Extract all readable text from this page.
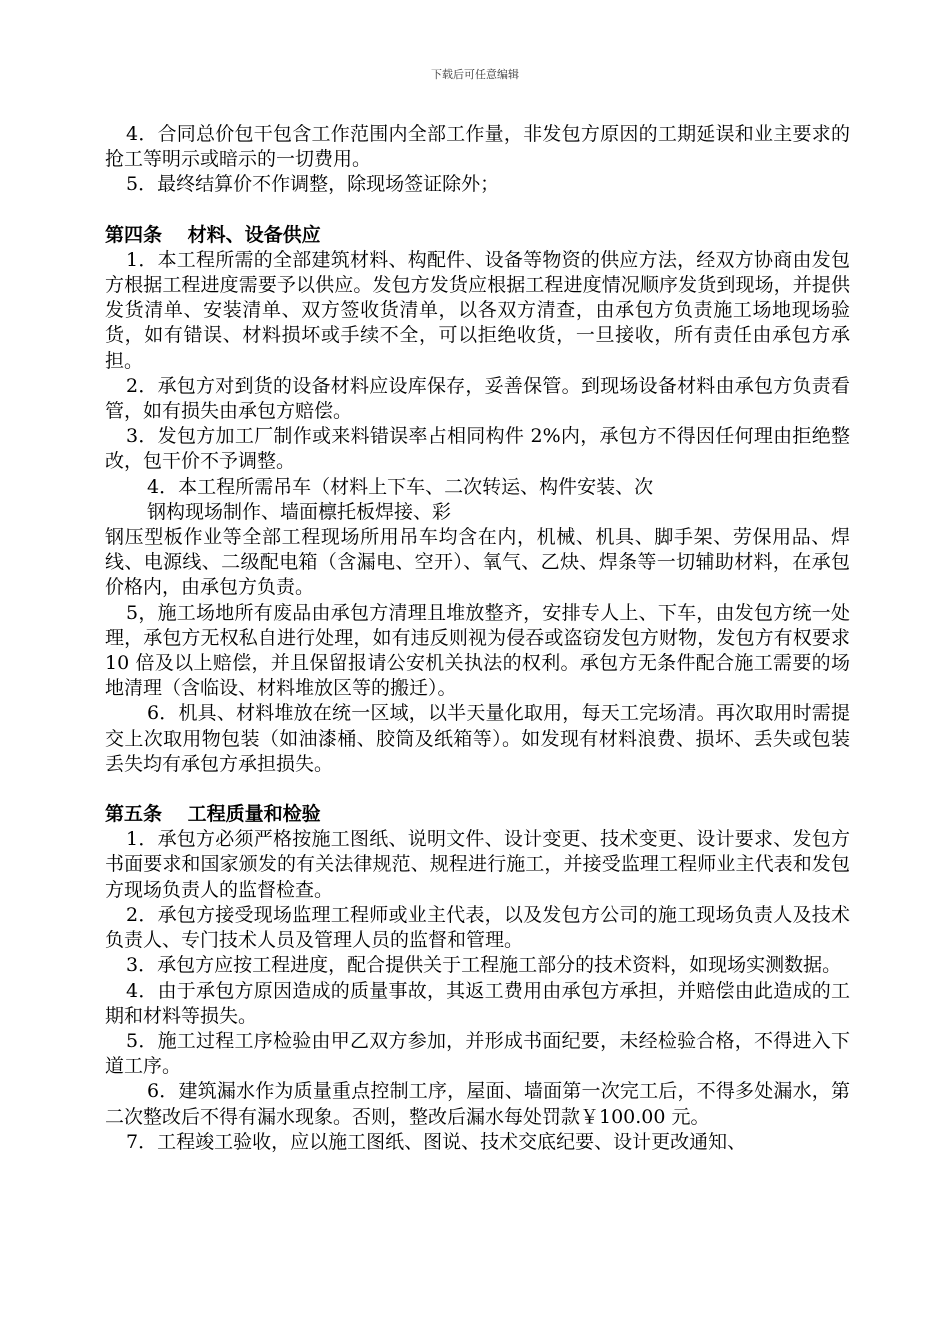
下载后可任意编辑

4．合同总价包干包含工作范围内全部工作量，非发包方原因的工期延误和业主要求的抢工等明示或暗示的一切费用。

5．最终结算价不作调整，除现场签证除外；

第四条　 材料、设备供应

1．本工程所需的全部建筑材料、构配件、设备等物资的供应方法，经双方协商由发包方根据工程进度需要予以供应。发包方发货应根据工程进度情况顺序发货到现场，并提供发货清单、安装清单、双方签收货清单，以各双方清查，由承包方负责施工场地现场验货，如有错误、材料损坏或手续不全，可以拒绝收货，一旦接收，所有责任由承包方承担。

2．承包方对到货的设备材料应设库保存，妥善保管。到现场设备材料由承包方负责看管，如有损失由承包方赔偿。

3．发包方加工厂制作或来料错误率占相同构件 2%内，承包方不得因任何理由拒绝整改，包干价不予调整。

4．本工程所需吊车（材料上下车、二次转运、构件安装、次

钢构现场制作、墙面檩托板焊接、彩

钢压型板作业等全部工程现场所用吊车均含在内，机械、机具、脚手架、劳保用品、焊线、电源线、二级配电箱（含漏电、空开）、氧气、乙炔、焊条等一切辅助材料，在承包价格内，由承包方负责。

5，施工场地所有废品由承包方清理且堆放整齐，安排专人上、下车，由发包方统一处理，承包方无权私自进行处理，如有违反则视为侵吞或盗窃发包方财物，发包方有权要求 10 倍及以上赔偿，并且保留报请公安机关执法的权利。承包方无条件配合施工需要的场地清理（含临设、材料堆放区等的搬迁）。

6．机具、材料堆放在统一区域，以半天量化取用，每天工完场清。再次取用时需提交上次取用物包装（如油漆桶、胶筒及纸箱等）。如发现有材料浪费、损坏、丢失或包装丢失均有承包方承担损失。

第五条　 工程质量和检验

1．承包方必须严格按施工图纸、说明文件、设计变更、技术变更、设计要求、发包方书面要求和国家颁发的有关法律规范、规程进行施工，并接受监理工程师业主代表和发包方现场负责人的监督检查。

2．承包方接受现场监理工程师或业主代表，以及发包方公司的施工现场负责人及技术负责人、专门技术人员及管理人员的监督和管理。

3．承包方应按工程进度，配合提供关于工程施工部分的技术资料，如现场实测数据。

4．由于承包方原因造成的质量事故，其返工费用由承包方承担，并赔偿由此造成的工期和材料等损失。

5．施工过程工序检验由甲乙双方参加，并形成书面纪要，未经检验合格，不得进入下道工序。

6．建筑漏水作为质量重点控制工序，屋面、墙面第一次完工后，不得多处漏水，第二次整改后不得有漏水现象。否则，整改后漏水每处罚款￥100.00 元。

7．工程竣工验收，应以施工图纸、图说、技术交底纪要、设计更改通知、
